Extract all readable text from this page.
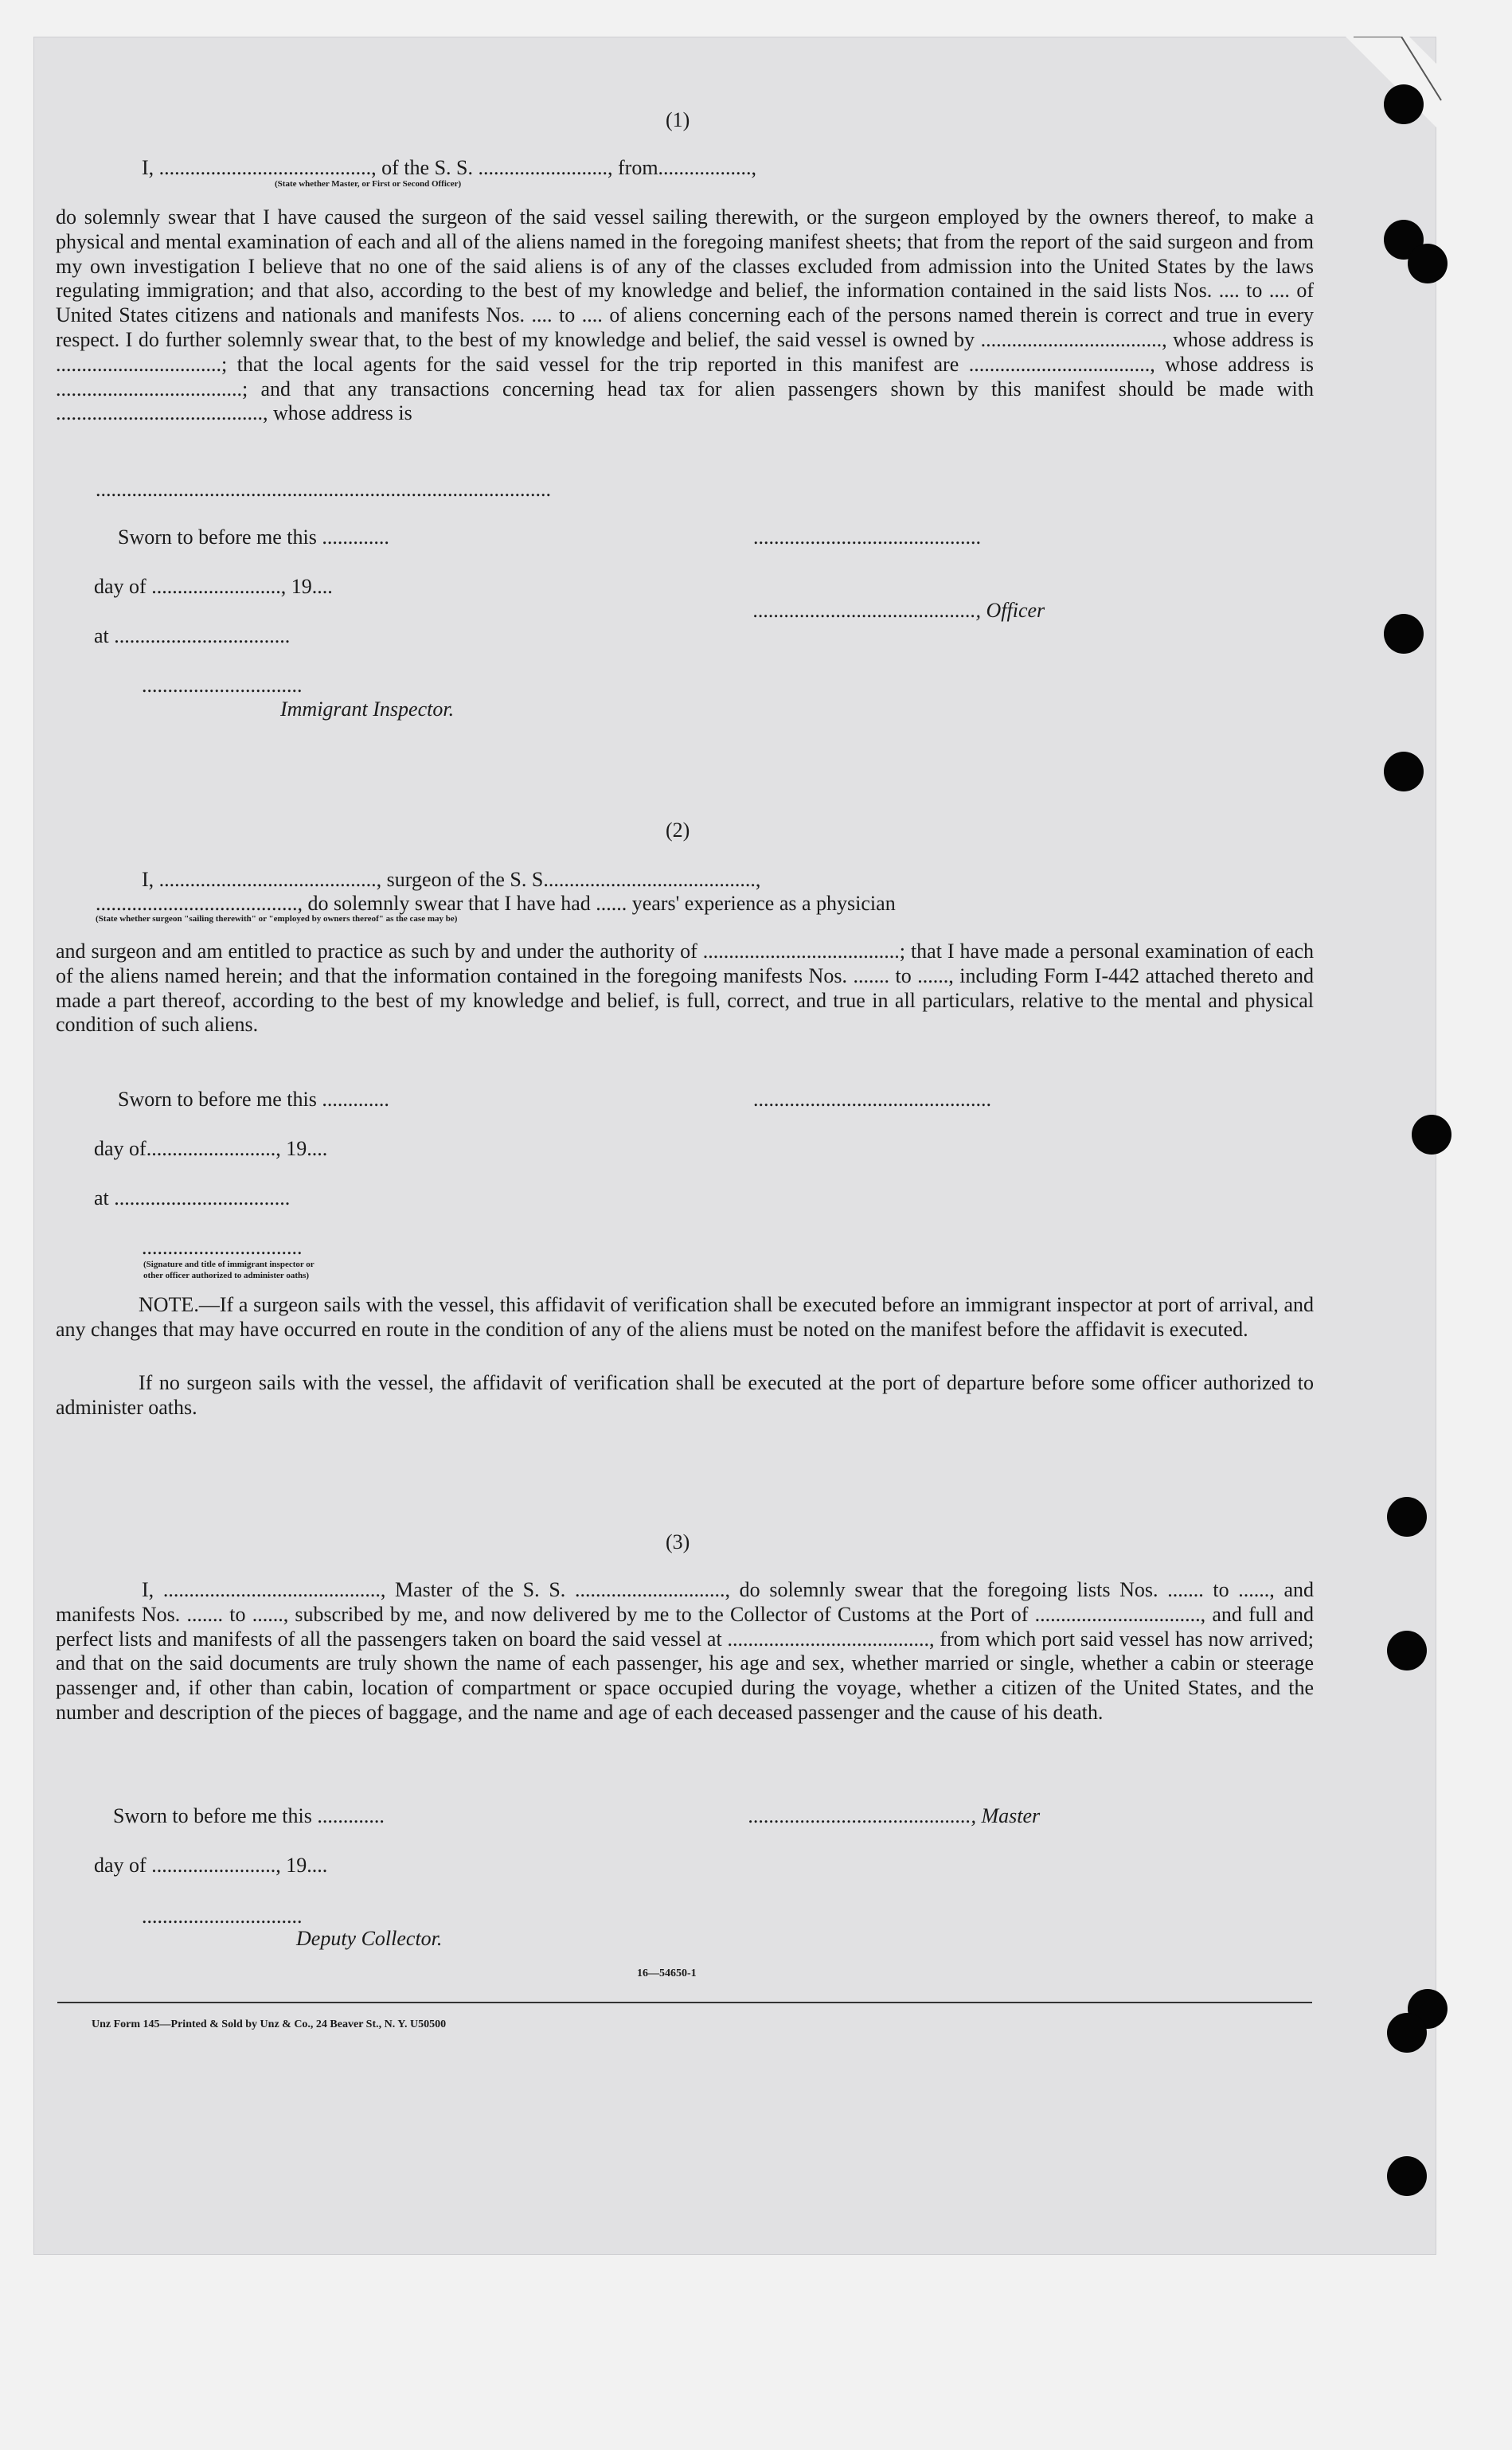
(1)
I, ........................................., of the S. S. ........................., from..................,
(State whether Master, or First or Second Officer)
do solemnly swear that I have caused the surgeon of the said vessel sailing therewith, or the surgeon employed by the owners thereof, to make a physical and mental examination of each and all of the aliens named in the foregoing manifest sheets; that from the report of the said surgeon and from my own investigation I believe that no one of the said aliens is of any of the classes excluded from admission into the United States by the laws regulating immigration; and that also, according to the best of my knowledge and belief, the information contained in the said lists Nos. .... to .... of United States citizens and nationals and manifests Nos. .... to .... of aliens concerning each of the persons named therein is correct and true in every respect. I do further solemnly swear that, to the best of my knowledge and belief, the said vessel is owned by ..................................., whose address is ................................; that the local agents for the said vessel for the trip reported in this manifest are ..................................., whose address is ....................................; and that any transactions concerning head tax for alien passengers shown by this manifest should be made with ........................................, whose address is
........................................................................................
Sworn to before me this .............	............................................
day of ........................., 19....
..........................................., Officer
at ..................................
...............................
Immigrant Inspector.
(2)
I, .........................................., surgeon of the S. S.........................................,
......................................., do solemnly swear that I have had ...... years' experience as a physician
(State whether surgeon "sailing therewith" or "employed by owners thereof" as the case may be)
and surgeon and am entitled to practice as such by and under the authority of ......................................; that I have made a personal examination of each of the aliens named herein; and that the information contained in the foregoing manifests Nos. ....... to ......, including Form I-442 attached thereto and made a part thereof, according to the best of my knowledge and belief, is full, correct, and true in all particulars, relative to the mental and physical condition of such aliens.
Sworn to before me this .............	..............................................
day of........................., 19....
at ..................................
...............................
(Signature and title of immigrant inspector or
other officer authorized to administer oaths)
NOTE.—If a surgeon sails with the vessel, this affidavit of verification shall be executed before an immigrant inspector at port of arrival, and any changes that may have occurred en route in the condition of any of the aliens must be noted on the manifest before the affidavit is executed.
If no surgeon sails with the vessel, the affidavit of verification shall be executed at the port of departure before some officer authorized to administer oaths.
(3)
I, .........................................., Master of the S. S. ............................., do solemnly swear that the foregoing lists Nos. ....... to ......, and manifests Nos. ....... to ......, subscribed by me, and now delivered by me to the Collector of Customs at the Port of ................................, and full and perfect lists and manifests of all the passengers taken on board the said vessel at ......................................., from which port said vessel has now arrived; and that on the said documents are truly shown the name of each passenger, his age and sex, whether married or single, whether a cabin or steerage passenger and, if other than cabin, location of compartment or space occupied during the voyage, whether a citizen of the United States, and the number and description of the pieces of baggage, and the name and age of each deceased passenger and the cause of his death.
Sworn to before me this .............	..........................................., Master
day of ........................, 19....
...............................
Deputy Collector.
16—54650-1
Unz Form 145—Printed & Sold by Unz & Co., 24 Beaver St., N. Y. U50500
